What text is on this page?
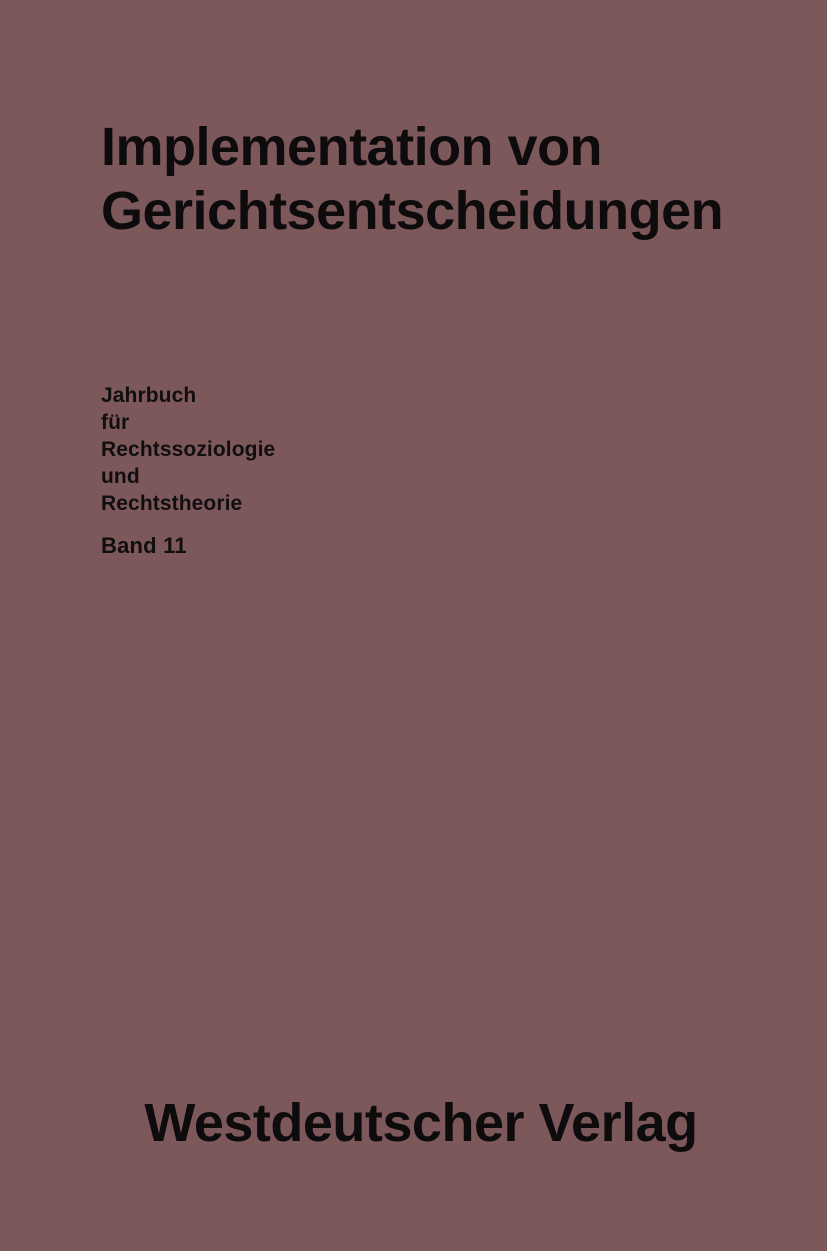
Implementation von
Gerichtsentscheidungen
Jahrbuch
für
Rechtssoziologie
und
Rechtstheorie
Band 11
Westdeutscher Verlag
